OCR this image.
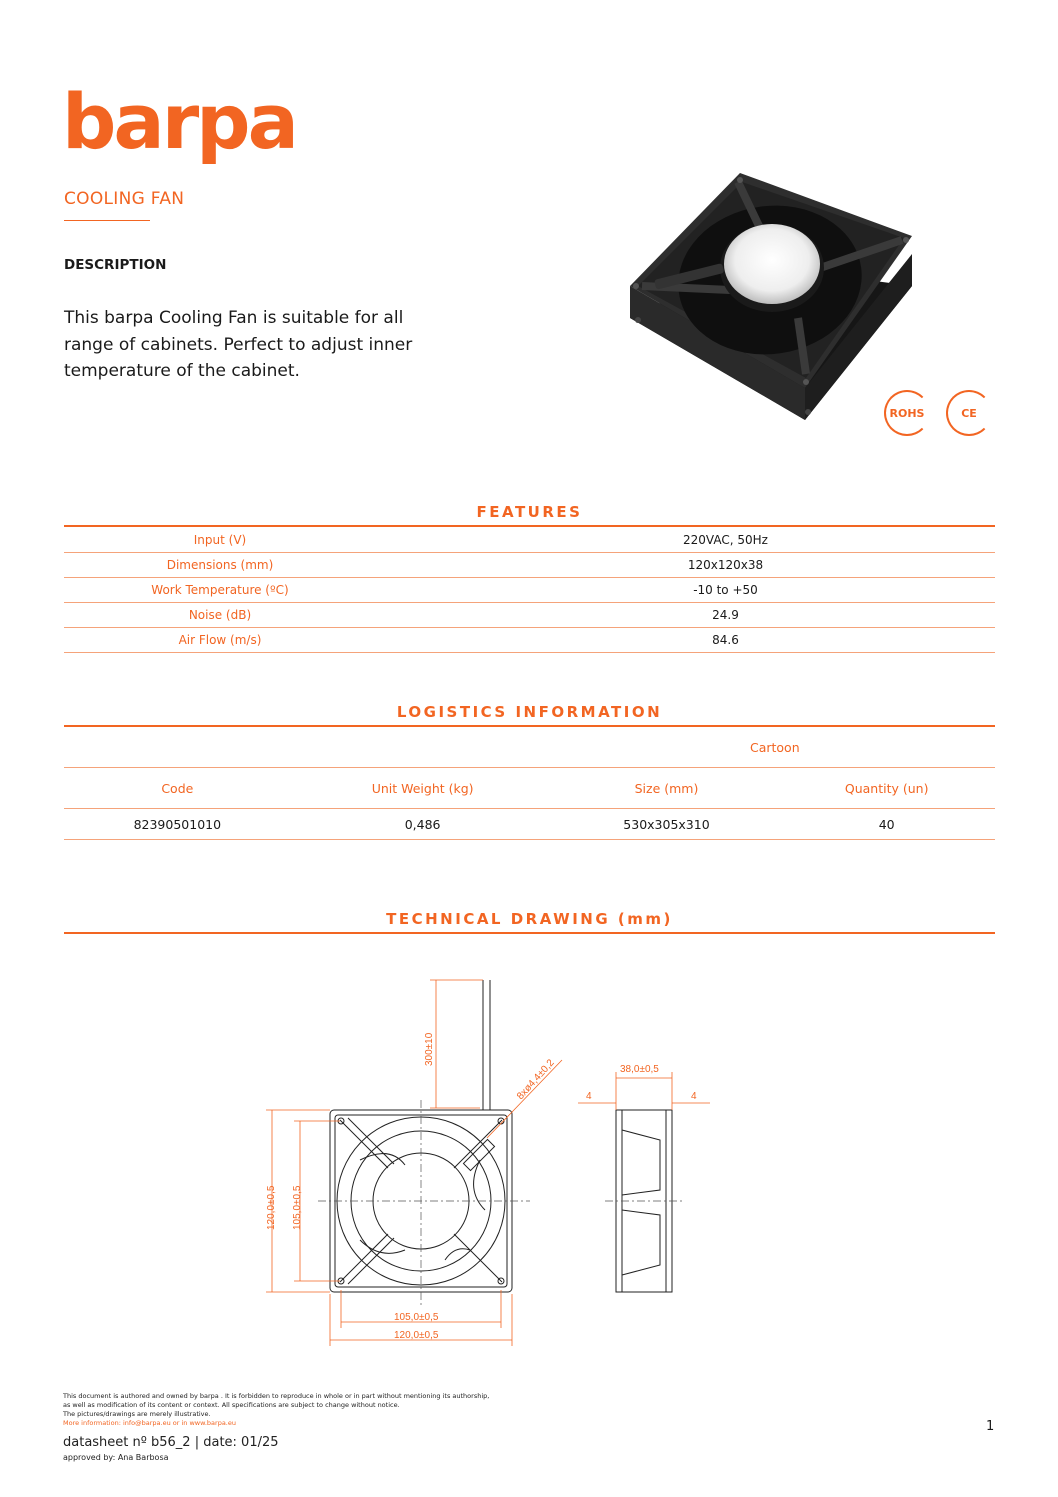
barpa
COOLING FAN
DESCRIPTION
This barpa Cooling Fan is suitable for all range of cabinets. Perfect to adjust inner temperature of the cabinet.
ROHS	CE
FEATURES
Input (V)	220VAC, 50Hz
Dimensions (mm)	120x120x38
Work Temperature (ºC)	-10 to +50
Noise (dB)	24.9
Air Flow (m/s)	84.6
LOGISTICS INFORMATION
		Cartoon	
Code	Unit Weight (kg)	Size (mm)	Quantity (un)
82390501010	0,486	530x305x310	40
TECHNICAL DRAWING (mm)
300±10
8xø4,4±0,2	38,0±0,5
4	4
120,0±0,5 105,0±0,5
105,0±0,5
120,0±0,5
This document is authored and owned by barpa . It is forbidden to reproduce in whole or in part without mentioning its authorship,
as well as modification of its content or context. All specifications are subject to change without notice.
The pictures/drawings are merely illustrative.
More information: info@barpa.eu or in www.barpa.eu
datasheet nº b56_2 | date: 01/25
approved by: Ana Barbosa
1
